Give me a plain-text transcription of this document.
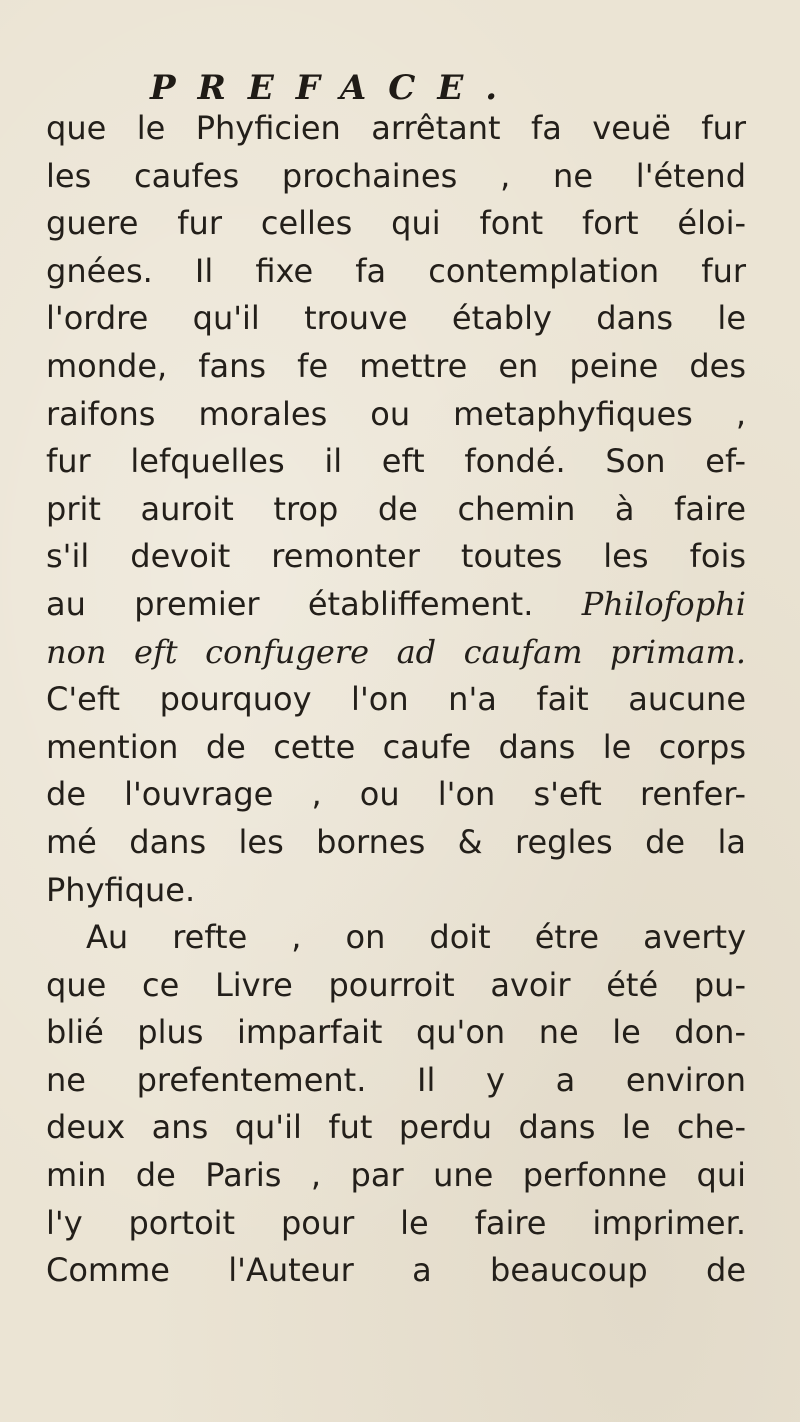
PREFACE.
que le Phyficien arrêtant fa veuë fur
les caufes prochaines , ne l'étend
guere fur celles qui font fort éloi-
gnées. Il fixe fa contemplation fur
l'ordre qu'il trouve étably dans le
monde, fans fe mettre en peine des
raifons morales ou metaphyfiques ,
fur lefquelles il eft fondé. Son ef-
prit auroit trop de chemin à faire
s'il devoit remonter toutes les fois
au premier établiffement. Philofophi
non eft confugere ad caufam primam.
C'eft pourquoy l'on n'a fait aucune
mention de cette caufe dans le corps
de l'ouvrage , ou l'on s'eft renfer-
mé dans les bornes & regles de la
Phyfique.
Au refte , on doit étre averty
que ce Livre pourroit avoir été pu-
blié plus imparfait qu'on ne le don-
ne prefentement. Il y a environ
deux ans qu'il fut perdu dans le che-
min de Paris , par une perfonne qui
l'y portoit pour le faire imprimer.
Comme l'Auteur a beaucoup de
